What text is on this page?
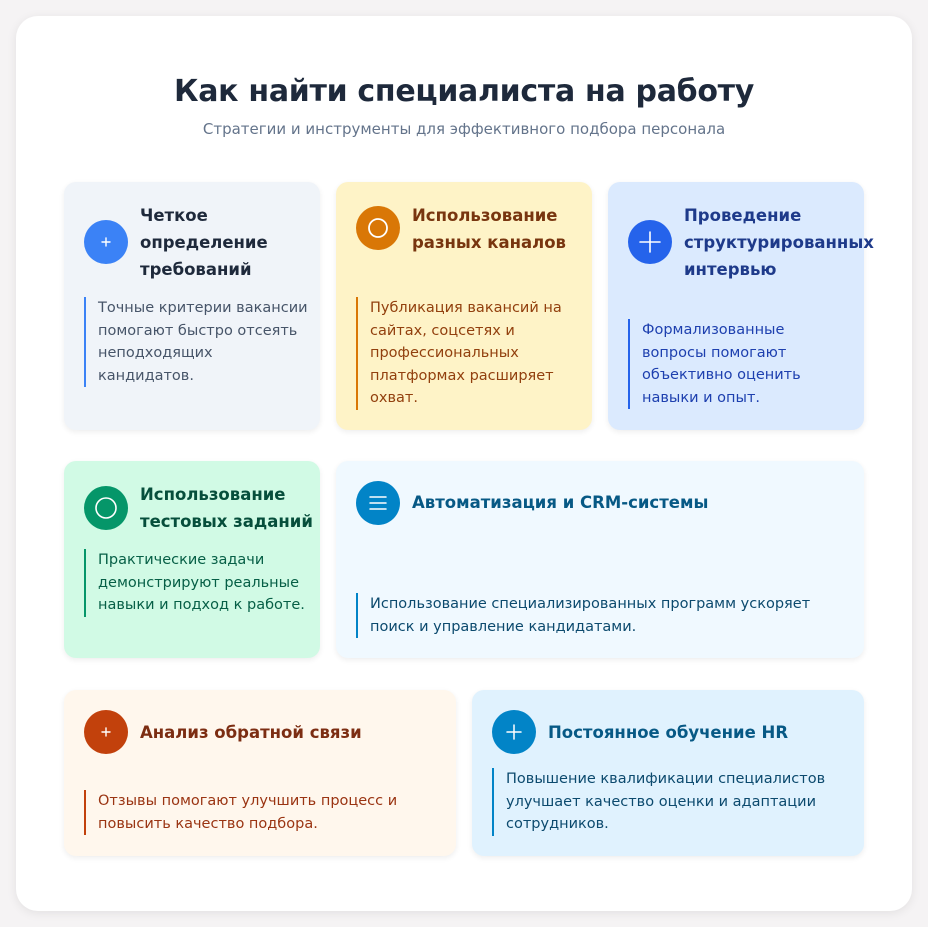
Как найти специалиста на работу
Стратегии и инструменты для эффективного подбора персонала
Четкое определение требований
Точные критерии вакансии помогают быстро отсеять неподходящих кандидатов.
Использование разных каналов
Публикация вакансий на сайтах, соцсетях и профессиональных платформах расширяет охват.
Проведение структурированных интервью
Формализованные вопросы помогают объективно оценить навыки и опыт.
Использование тестовых заданий
Практические задачи демонстрируют реальные навыки и подход к работе.
Автоматизация и CRM-системы
Использование специализированных программ ускоряет поиск и управление кандидатами.
Анализ обратной связи
Отзывы помогают улучшить процесс и повысить качество подбора.
Постоянное обучение HR
Повышение квалификации специалистов улучшает качество оценки и адаптации сотрудников.
